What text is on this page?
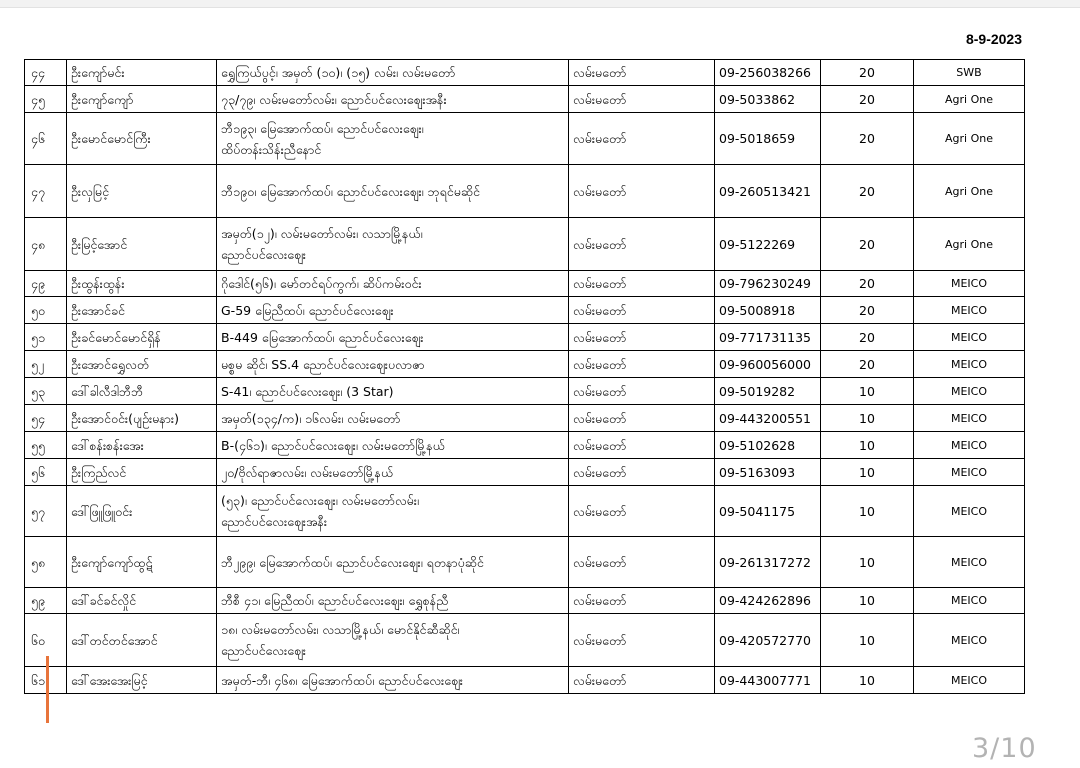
8-9-2023
၄၄	ဦးကျော်မင်း	ရွှေကြယ်ပွင့်၊ အမှတ် (၁၀)၊ (၁၅) လမ်း၊ လမ်းမတော်	လမ်းမတော်	09-256038266	20	SWB
၄၅	ဦးကျော်ကျော်	၇၃/၇၉၊ လမ်းမတော်လမ်း၊ ညောင်ပင်လေးဈေးအနီး	လမ်းမတော်	09-5033862	20	Agri One
၄၆	ဦးမောင်မောင်ကြီး	ဘီ၁၉၃၊ မြေအောက်ထပ်၊ ညောင်ပင်လေးဈေး၊
ထိပ်တန်းသိန်းညီနောင်	လမ်းမတော်	09-5018659	20	Agri One
၄၇	ဦးလှမြင့်	ဘီ၁၉၀၊ မြေအောက်ထပ်၊ ညောင်ပင်လေးဈေး၊ ဘုရင်မဆိုင်	လမ်းမတော်	09-260513421	20	Agri One
၄၈	ဦးမြင့်အောင်	အမှတ်(၁၂)၊ လမ်းမတော်လမ်း၊ လသာမြို့နယ်၊
ညောင်ပင်လေးဈေး	လမ်းမတော်	09-5122269	20	Agri One
၄၉	ဦးထွန်းထွန်း	ဂိုဒေါင်(၅၆)၊ မော်တင်ရပ်ကွက်၊ ဆိပ်ကမ်းဝင်း	လမ်းမတော်	09-796230249	20	MEICO
၅၀	ဦးအောင်ခင်	G-59 မြေညီထပ်၊ ညောင်ပင်လေးဈေး	လမ်းမတော်	09-5008918	20	MEICO
၅၁	ဦးခင်မောင်မောင်ရှိန်	B-449 မြေအောက်ထပ်၊ ညောင်ပင်လေးဈေး	လမ်းမတော်	09-771731135	20	MEICO
၅၂	ဦးအောင်ရွှေလတ်	မစ္စမ ဆိုင်၊ SS.4 ညောင်ပင်လေးဈေးပလာဇာ	လမ်းမတော်	09-960056000	20	MEICO
၅၃	ဒေါ်ခါလီဒါဘီဘီ	S-41၊ ညောင်ပင်လေးဈေး၊ (3 Star)	လမ်းမတော်	09-5019282	10	MEICO
၅၄	ဦးအောင်ဝင်း(ပျဥ်းမနား)	အမှတ်(၁၃၄/က)၊ ၁၆လမ်း၊ လမ်းမတော်	လမ်းမတော်	09-443200551	10	MEICO
၅၅	ဒေါ်စန်းစန်းအေး	B-(၄၆၁)၊ ညောင်ပင်လေးဈေး၊ လမ်းမတော်မြို့နယ်	လမ်းမတော်	09-5102628	10	MEICO
၅၆	ဦးကြည်လင်	၂၀/ဗိုလ်ရာဇာလမ်း၊ လမ်းမတော်မြို့နယ်	လမ်းမတော်	09-5163093	10	MEICO
၅၇	ဒေါ်ဖြူဖြူဝင်း	(၅၃)၊ ညောင်ပင်လေးဈေး၊ လမ်းမတော်လမ်း၊
ညောင်ပင်လေးဈေးအနီး	လမ်းမတော်	09-5041175	10	MEICO
၅၈	ဦးကျော်ကျော်ထွဋ်	ဘီ၂၉၉၊ မြေအောက်ထပ်၊ ညောင်ပင်လေးဈေး၊ ရတနာပုံဆိုင်	လမ်းမတော်	09-261317272	10	MEICO
၅၉	ဒေါ်ခင်ခင်လှိုင်	ဘီစီ ၄၁၊ မြေညီထပ်၊ ညောင်ပင်လေးဈေး၊ ရွှေစုန်ညီ	လမ်းမတော်	09-424262896	10	MEICO
၆၀	ဒေါ်တင်တင်အောင်	၁၈၊ လမ်းမတော်လမ်း၊ လသာမြို့နယ်၊ မောင်နိုင်ဆီဆိုင်၊
ညောင်ပင်လေးဈေး	လမ်းမတော်	09-420572770	10	MEICO
၆၁	ဒေါ်အေးအေးမြင့်	အမှတ်-ဘီ၊ ၄၆၈၊ မြေအောက်ထပ်၊ ညောင်ပင်လေးဈေး	လမ်းမတော်	09-443007771	10	MEICO
3/10
